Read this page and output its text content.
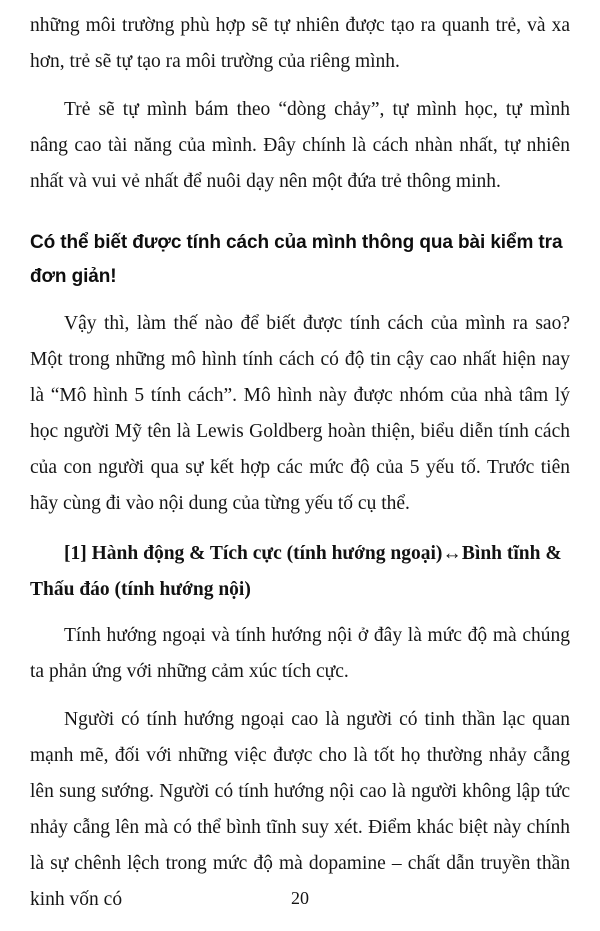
những môi trường phù hợp sẽ tự nhiên được tạo ra quanh trẻ, và xa hơn, trẻ sẽ tự tạo ra môi trường của riêng mình.

Trẻ sẽ tự mình bám theo “dòng chảy”, tự mình học, tự mình nâng cao tài năng của mình. Đây chính là cách nhàn nhất, tự nhiên nhất và vui vẻ nhất để nuôi dạy nên một đứa trẻ thông minh.

Có thể biết được tính cách của mình thông qua bài kiểm tra đơn giản!

Vậy thì, làm thế nào để biết được tính cách của mình ra sao? Một trong những mô hình tính cách có độ tin cậy cao nhất hiện nay là “Mô hình 5 tính cách”. Mô hình này được nhóm của nhà tâm lý học người Mỹ tên là Lewis Goldberg hoàn thiện, biểu diễn tính cách của con người qua sự kết hợp các mức độ của 5 yếu tố. Trước tiên hãy cùng đi vào nội dung của từng yếu tố cụ thể.

[1] Hành động & Tích cực (tính hướng ngoại)↔Bình tĩnh & Thấu đáo (tính hướng nội)

Tính hướng ngoại và tính hướng nội ở đây là mức độ mà chúng ta phản ứng với những cảm xúc tích cực.

Người có tính hướng ngoại cao là người có tinh thần lạc quan mạnh mẽ, đối với những việc được cho là tốt họ thường nhảy cẫng lên sung sướng. Người có tính hướng nội cao là người không lập tức nhảy cẫng lên mà có thể bình tĩnh suy xét. Điểm khác biệt này chính là sự chênh lệch trong mức độ mà dopamine – chất dẫn truyền thần kinh vốn có	20
